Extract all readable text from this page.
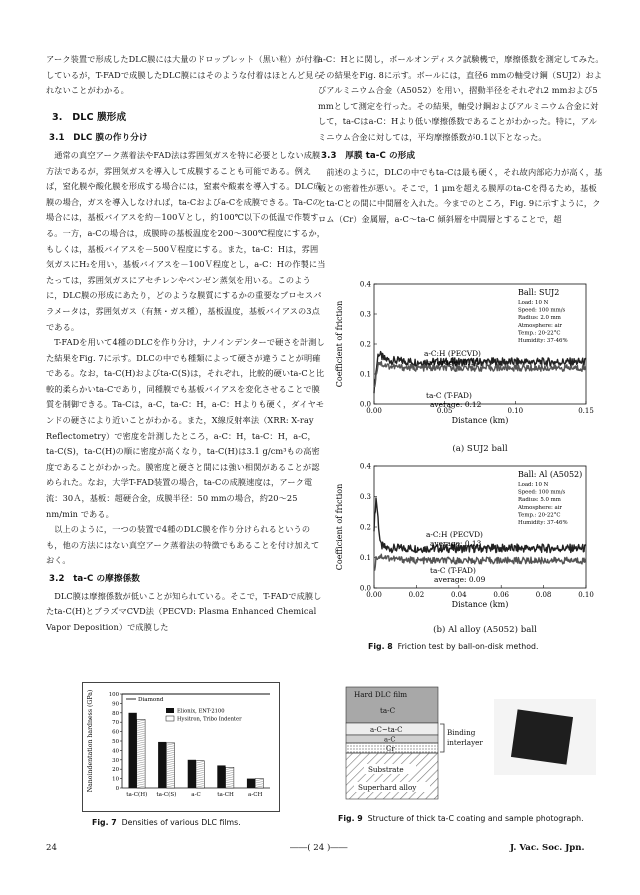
アーク装置で形成したDLC膜には大量のドロップレット（黒い粒）が付着しているが，T-FADで成膜したDLC膜にはそのような付着はほとんど見られないことがわかる。

3.　DLC 膜形成
3.1　DLC 膜の作り分け

通常の真空アーク蒸着法やFAD法は雰囲気ガスを特に必要としない成膜方法であるが，雰囲気ガスを導入して成膜することも可能である。例えば，窒化膜や酸化膜を形成する場合には，窒素や酸素を導入する。DLC成膜の場合，ガスを導入しなければ，ta-Cおよびa-Cを成膜できる。Ta-Cの場合には，基板バイアスを約－100Ｖとし，約100℃以下の低温で作製する。一方，a-Cの場合は，成膜時の基板温度を200～300℃程度にするか，もしくは，基板バイアスを－500Ｖ程度にする。また，ta-C：Hは，雰囲気ガスにH₂を用い，基板バイアスを－100Ｖ程度とし，a-C：Hの作製に当たっては，雰囲気ガスにアセチレンやベンゼン蒸気を用いる。このように，DLC膜の形成にあたり，どのような膜質にするかの重要なプロセスパラメータは，雰囲気ガス（有無・ガス種），基板温度，基板バイアスの3点である。

T-FADを用いて4種のDLCを作り分け，ナノインデンターで硬さを計測した結果をFig. 7に示す。DLCの中でも種類によって硬さが違うことが明確である。なお，ta-C(H)およびta-C(S)は，それぞれ，比較的硬いta-Cと比較的柔らかいta-Cであり，同種膜でも基板バイアスを変化させることで膜質を制御できる。Ta-Cは，a-C，ta-C：H，a-C：Hよりも硬く，ダイヤモンドの硬さにより近いことがわかる。また，X線反射率法（XRR: X-ray Reflectometry）で密度を計測したところ，a-C：H，ta-C：H，a-C，ta-C(S)，ta-C(H)の順に密度が高くなり，ta-C(H)は3.1 g/cm³もの高密度であることがわかった。膜密度と硬さと間には強い相関があることが認められた。なお，大学T-FAD装置の場合，ta-Cの成膜速度は，アーク電流：30Ａ，基板：超硬合金，成膜半径：50 mmの場合，約20～25 nm/min である。

以上のように，一つの装置で4種のDLC膜を作り分けられるというのも，他の方法にはない真空アーク蒸着法の特徴でもあることを付け加えておく。

3.2　ta-C の摩擦係数

DLC膜は摩擦係数が低いことが知られている。そこで，T-FADで成膜したta-C(H)とプラズマCVD法（PECVD: Plasma Enhanced Chemical Vapor Deposition）で成膜した

a-C：Hとに関し，ボールオンディスク試験機で，摩擦係数を測定してみた。その結果をFig. 8に示す。ボールには，直径6 mmの軸受け鋼（SUJ2）およびアルミニウム合金（A5052）を用い，摺動半径をそれぞれ2 mmおよび5 mmとして測定を行った。その結果，軸受け鋼およびアルミニウム合金に対して，ta-Cはa-C：Hより低い摩擦係数であることがわかった。特に，アルミニウム合金に対しては，平均摩擦係数が0.1以下となった。

3.3　厚膜 ta-C の形成

前述のように，DLCの中でもta-Cは最も硬く，それ故内部応力が高く，基板との密着性が悪い。そこで，1 μmを超える膜厚のta-Cを得るため，基板とta-Cとの間に中間層を入れた。今までのところ，Fig. 9に示すように，クロム（Cr）金属層，a-C～ta-C 傾斜層を中間層とすることで，超

0.0
0.1
0.2
0.3
0.4
0.00	0.05	0.10	0.15
Coefficient of friction
Distance (km)
Ball: SUJ2
Load: 10 N
Speed: 100 mm/s
Radius: 2.0 mm
Atmosphere: air
Temp.: 20-22°C
Humidity: 37-46%
a-C:H (PECVD)
average: 0.14
ta-C (T-FAD)
average: 0.12
(a) SUJ2 ball
0.0
0.1
0.2
0.3
0.4
0.00	0.02	0.04	0.06	0.08	0.10
Coefficient of friction
Distance (km)
Ball: Al (A5052)
Load: 10 N
Speed: 100 mm/s
Radius: 5.0 mm
Atmosphere: air
Temp.: 20-22°C
Humidity: 37-46%
a-C:H (PECVD)
average: 0.13
ta-C (T-FAD)
average: 0.09
(b) Al alloy (A5052) ball
Fig. 8 Friction test by ball-on-disk method.
0
10
20
30
40
50
60
70
80
90
100
Nanoindentation hardness (GPa)	Diamond
Elionix, ENT-2100
Hysitron, Tribo Indenter
ta-C(H) ta-C(S)	a-C	ta-CH	a-CH
Fig. 7 Densities of various DLC films.
Hard DLC film
ta-C
a-C~ta-C
a-C
Cr
Substrate
Superhard alloy
Binding
interlayer
Fig. 9 Structure of thick ta-C coating and sample photograph.
24	――( 24 )――	J. Vac. Soc. Jpn.
